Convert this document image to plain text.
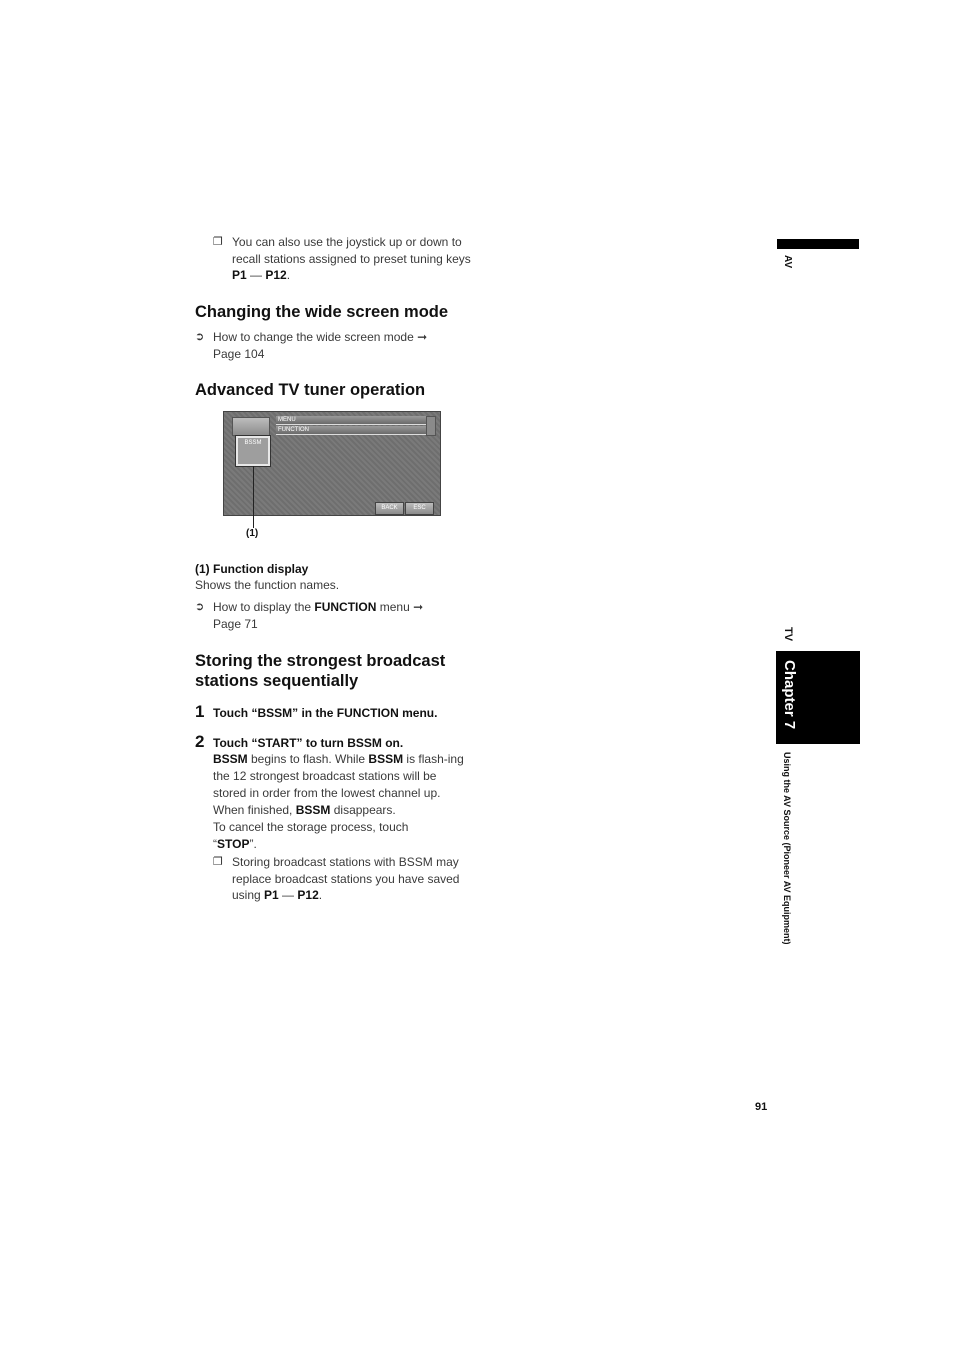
❐ You can also use the joystick up or down to recall stations assigned to preset tuning keys P1 — P12.
Changing the wide screen mode
➲ How to change the wide screen mode ➞
Page 104
Advanced TV tuner operation
MENU
FUNCTION
BSSM
BACK	ESC
(1)
(1) Function display
Shows the function names.
➲ How to display the FUNCTION menu ➞
Page 71
Storing the strongest broadcast
stations sequentially
1 Touch “BSSM” in the FUNCTION menu.
2 Touch “START” to turn BSSM on.
BSSM begins to flash. While BSSM is flash-ing the 12 strongest broadcast stations will be stored in order from the lowest channel up.
When finished, BSSM disappears.
To cancel the storage process, touch
“STOP”.
❐ Storing broadcast stations with BSSM may replace broadcast stations you have saved using P1 — P12.
AV
TV
Chapter 7
Using the AV Source (Pioneer AV Equipment)
91
